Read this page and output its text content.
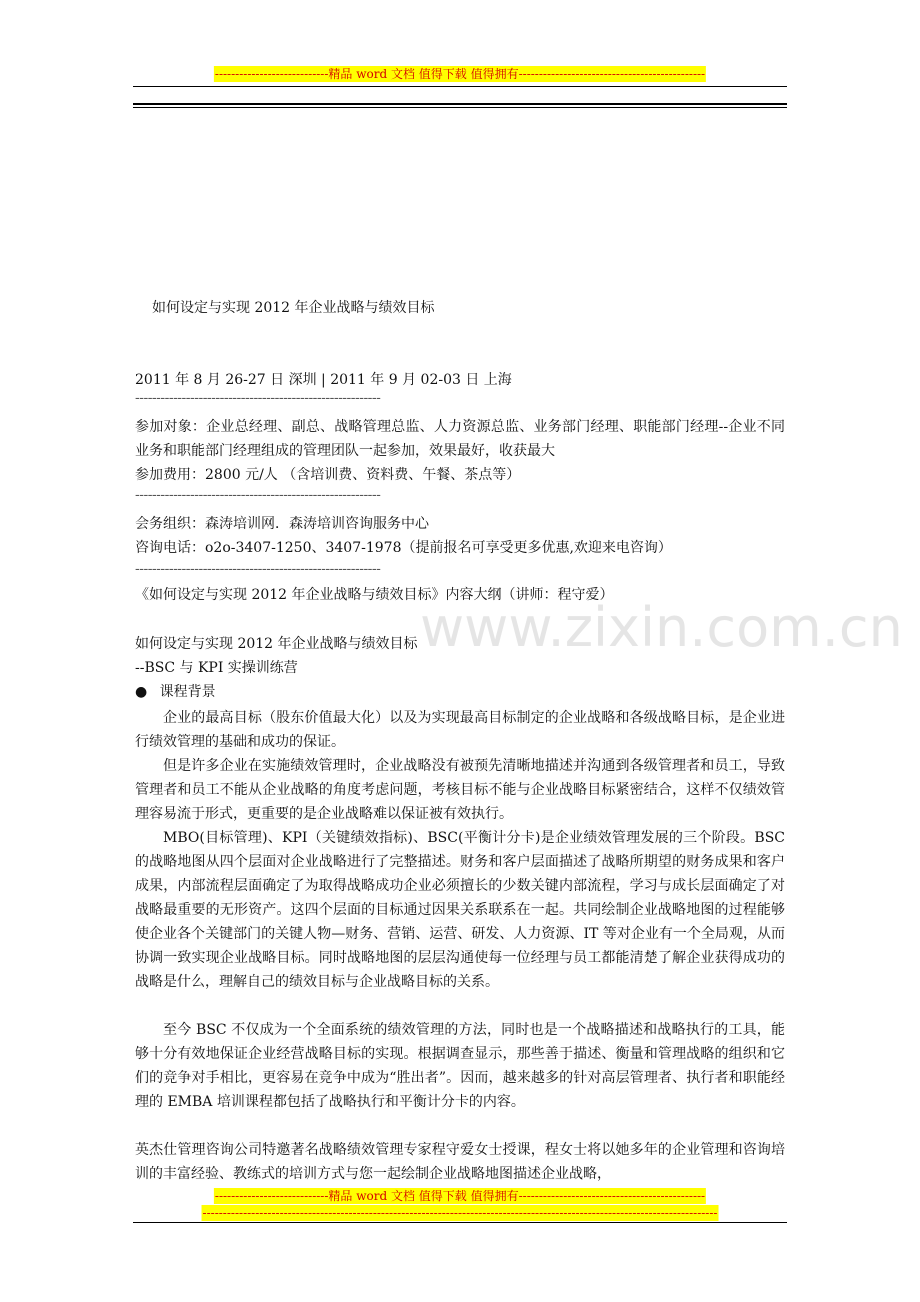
----------------------------精品 word 文档 值得下载 值得拥有----------------------------------------------
www.zixin.com.cn
如何设定与实现 2012 年企业战略与绩效目标
2011 年 8 月 26-27 日 深圳 | 2011 年 9 月 02-03 日 上海
----------------------------------------------------------
参加对象：企业总经理、副总、战略管理总监、人力资源总监、业务部门经理、职能部门经理--企业不同业务和职能部门经理组成的管理团队一起参加，效果最好，收获最大
参加费用：2800 元/人 （含培训费、资料费、午餐、茶点等）
----------------------------------------------------------
会务组织：森涛培训网．森涛培训咨询服务中心
咨询电话：o2o-3407-1250、3407-1978（提前报名可享受更多优惠,欢迎来电咨询）
----------------------------------------------------------
《如何设定与实现 2012 年企业战略与绩效目标》内容大纲（讲师：程守爱）
如何设定与实现 2012 年企业战略与绩效目标
--BSC 与 KPI 实操训练营
● 课程背景
企业的最高目标（股东价值最大化）以及为实现最高目标制定的企业战略和各级战略目标，是企业进行绩效管理的基础和成功的保证。
但是许多企业在实施绩效管理时，企业战略没有被预先清晰地描述并沟通到各级管理者和员工，导致管理者和员工不能从企业战略的角度考虑问题，考核目标不能与企业战略目标紧密结合，这样不仅绩效管理容易流于形式，更重要的是企业战略难以保证被有效执行。
MBO(目标管理)、KPI（关键绩效指标)、BSC(平衡计分卡)是企业绩效管理发展的三个阶段。BSC 的战略地图从四个层面对企业战略进行了完整描述。财务和客户层面描述了战略所期望的财务成果和客户成果，内部流程层面确定了为取得战略成功企业必须擅长的少数关键内部流程，学习与成长层面确定了对战略最重要的无形资产。这四个层面的目标通过因果关系联系在一起。共同绘制企业战略地图的过程能够使企业各个关键部门的关键人物—财务、营销、运营、研发、人力资源、IT 等对企业有一个全局观，从而协调一致实现企业战略目标。同时战略地图的层层沟通使每一位经理与员工都能清楚了解企业获得成功的战略是什么，理解自己的绩效目标与企业战略目标的关系。
至今 BSC 不仅成为一个全面系统的绩效管理的方法，同时也是一个战略描述和战略执行的工具，能够十分有效地保证企业经营战略目标的实现。根据调查显示，那些善于描述、衡量和管理战略的组织和它们的竞争对手相比，更容易在竞争中成为“胜出者”。因而，越来越多的针对高层管理者、执行者和职能经理的 EMBA 培训课程都包括了战略执行和平衡计分卡的内容。
英杰仕管理咨询公司特邀著名战略绩效管理专家程守爱女士授课，程女士将以她多年的企业管理和咨询培训的丰富经验、教练式的培训方式与您一起绘制企业战略地图描述企业战略，
----------------------------精品 word 文档 值得下载 值得拥有----------------------------------------------
-------------------------------------------------------------------------------------------------------------------------------
